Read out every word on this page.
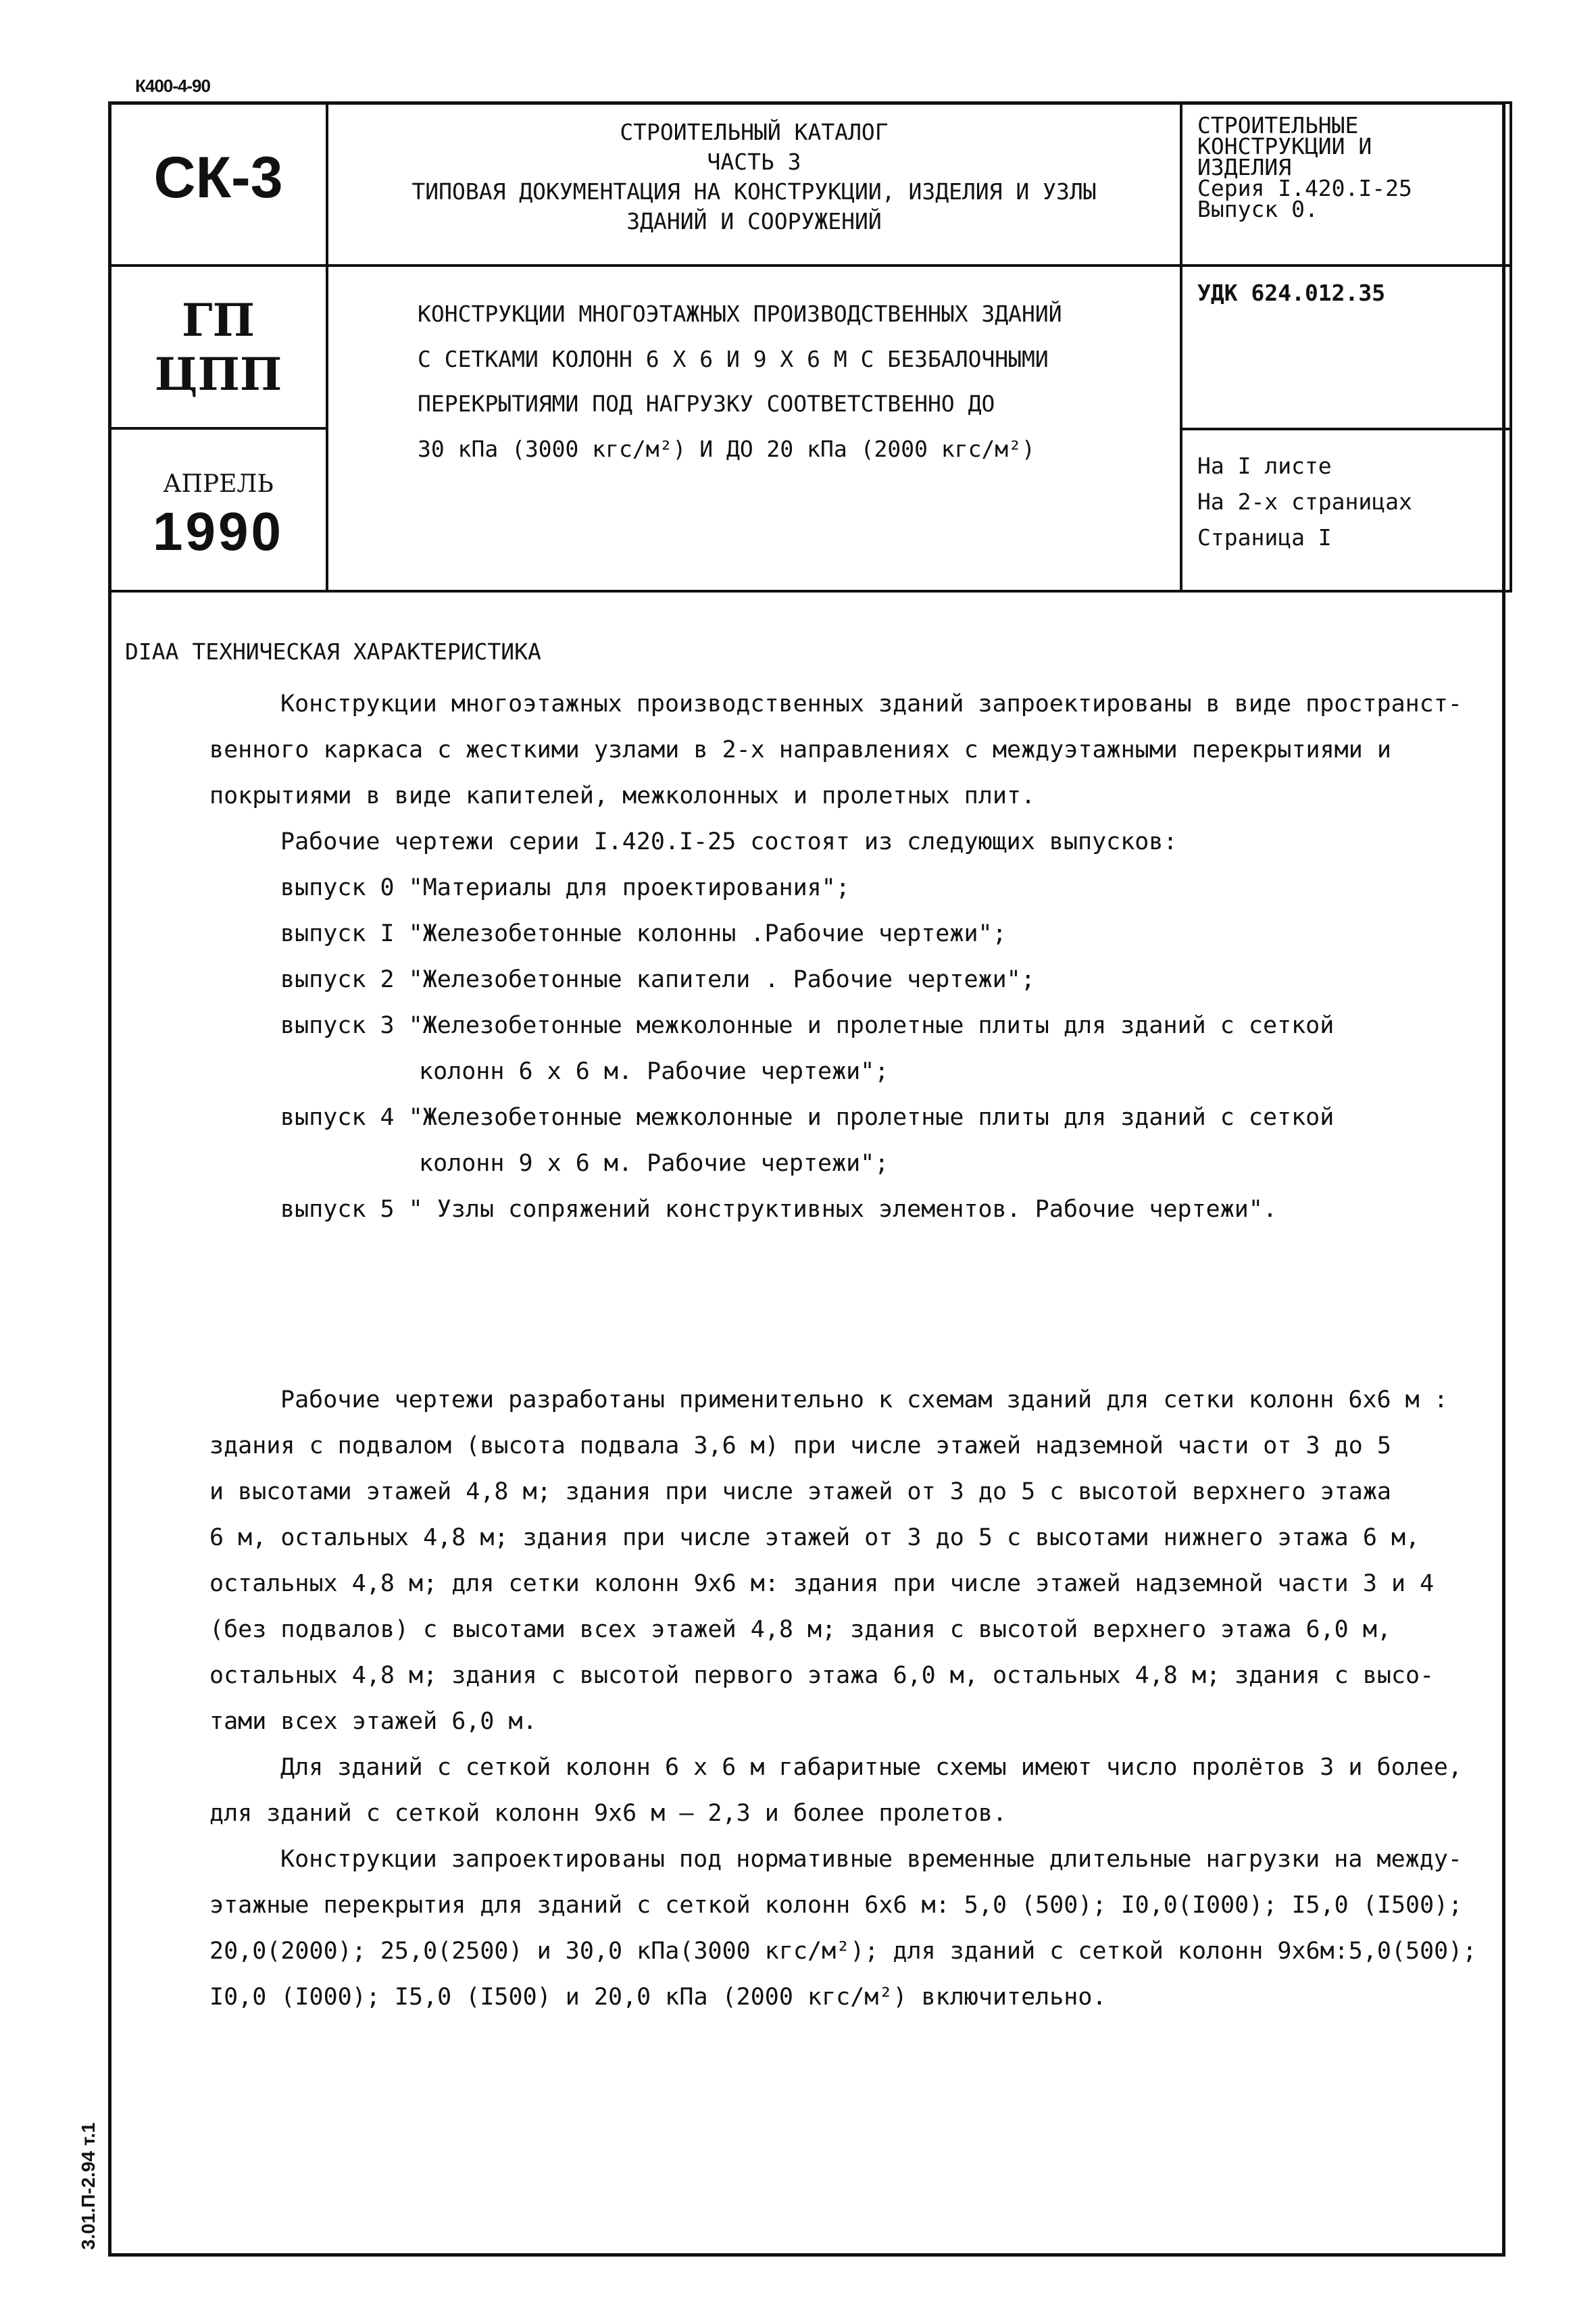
К400-4-90
3.01.П-2.94 т.1
СК-3
ГП
ЦПП
АПРЕЛЬ
1990
СТРОИТЕЛЬНЫЙ КАТАЛОГ
ЧАСТЬ 3
ТИПОВАЯ ДОКУМЕНТАЦИЯ НА КОНСТРУКЦИИ, ИЗДЕЛИЯ И УЗЛЫ
ЗДАНИЙ И СООРУЖЕНИЙ
СТРОИТЕЛЬНЫЕ
КОНСТРУКЦИИ И
ИЗДЕЛИЯ
Серия I.420.I-25
Выпуск 0.
КОНСТРУКЦИИ МНОГОЭТАЖНЫХ ПРОИЗВОДСТВЕННЫХ ЗДАНИЙ
С СЕТКАМИ КОЛОНН 6 Х 6 И 9 Х 6 М С БЕЗБАЛОЧНЫМИ
ПЕРЕКРЫТИЯМИ ПОД НАГРУЗКУ СООТВЕТСТВЕННО ДО
30 кПа (3000 кгс/м²) И ДО 20 кПа (2000 кгс/м²)
УДК 624.012.35
На I листе
На 2-х страницах
Страница I
DIAA ТЕХНИЧЕСКАЯ ХАРАКТЕРИСТИКА
Конструкции многоэтажных производственных зданий запроектированы в виде пространст-
венного каркаса с жесткими узлами в 2-х направлениях с междуэтажными перекрытиями и
покрытиями в виде капителей, межколонных и пролетных плит.
Рабочие чертежи серии I.420.I-25 состоят из следующих выпусков:
выпуск 0 "Материалы для проектирования";
выпуск I "Железобетонные колонны .Рабочие чертежи";
выпуск 2 "Железобетонные капители . Рабочие чертежи";
выпуск 3 "Железобетонные межколонные и пролетные плиты для зданий с сеткой
колонн 6 х 6 м. Рабочие чертежи";
выпуск 4 "Железобетонные межколонные и пролетные плиты для зданий с сеткой
колонн 9 х 6 м. Рабочие чертежи";
выпуск 5 " Узлы сопряжений конструктивных элементов. Рабочие чертежи".
Рабочие чертежи разработаны применительно к схемам зданий для сетки колонн 6х6 м :
здания с подвалом (высота подвала 3,6 м) при числе этажей надземной части от 3 до 5
и высотами этажей 4,8 м; здания при числе этажей от 3 до 5 с высотой верхнего этажа
6 м, остальных 4,8 м; здания при числе этажей от 3 до 5 с высотами нижнего этажа 6 м,
остальных 4,8 м; для сетки колонн 9х6 м: здания при числе этажей надземной части 3 и 4
(без подвалов) с высотами всех этажей 4,8 м; здания с высотой верхнего этажа 6,0 м,
остальных 4,8 м; здания с высотой первого этажа 6,0 м, остальных 4,8 м; здания с высо-
тами всех этажей 6,0 м.
Для зданий с сеткой колонн 6 х 6 м габаритные схемы имеют число пролётов 3 и более,
для зданий с сеткой колонн 9х6 м – 2,3 и более пролетов.
Конструкции запроектированы под нормативные временные длительные нагрузки на между-
этажные перекрытия для зданий с сеткой колонн 6х6 м: 5,0 (500); I0,0(I000); I5,0 (I500);
20,0(2000); 25,0(2500) и 30,0 кПа(3000 кгс/м²); для зданий с сеткой колонн 9х6м:5,0(500);
I0,0 (I000); I5,0 (I500) и 20,0 кПа (2000 кгс/м²) включительно.
